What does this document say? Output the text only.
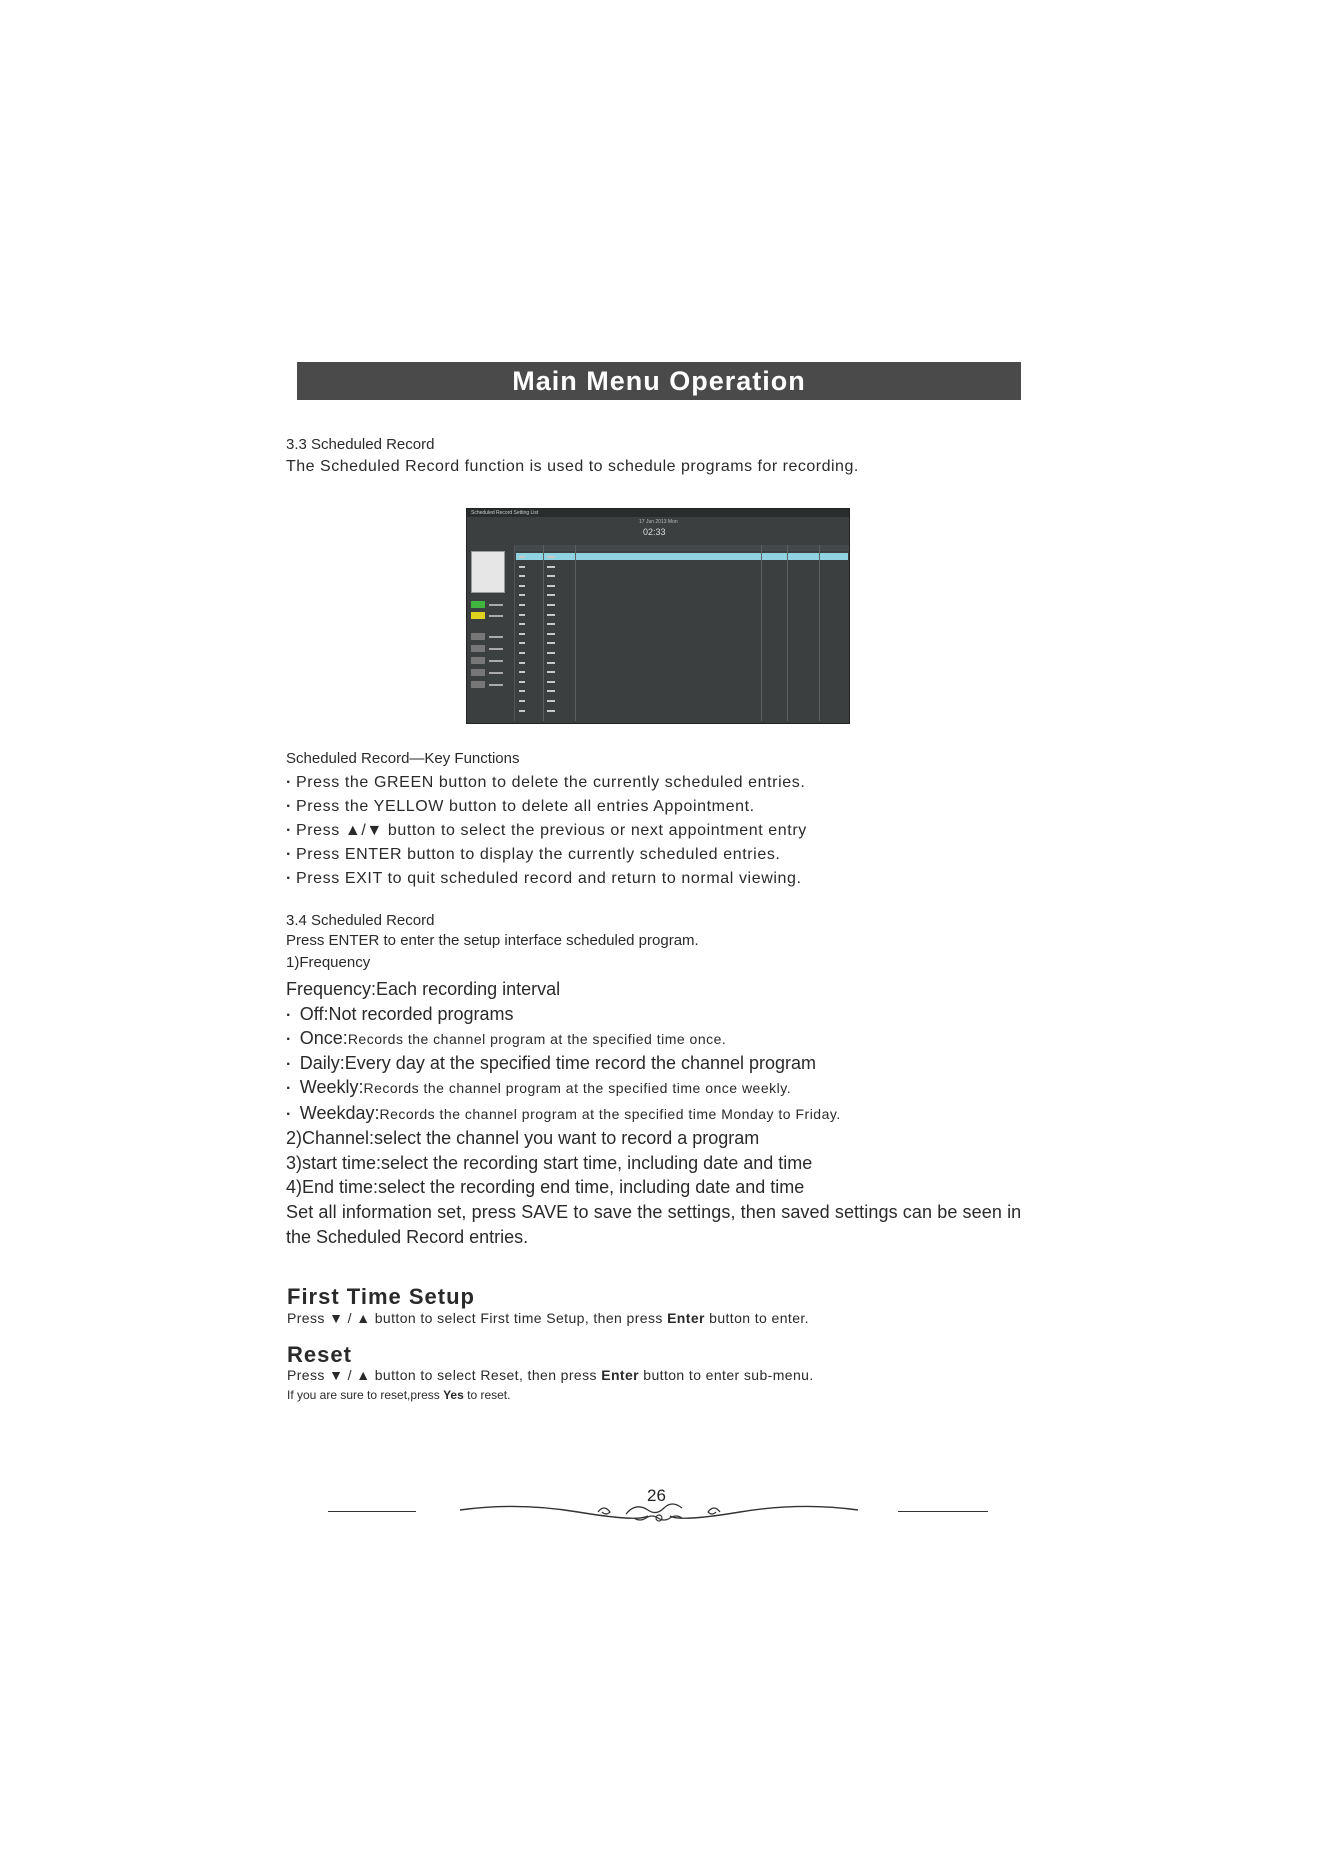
Main Menu Operation
3.3 Scheduled Record
The Scheduled Record function is used to schedule programs for recording.
Scheduled Record Setting List
17 Jun 2013 Mon
02:33
Scheduled Record—Key Functions
· Press the GREEN button to delete the currently scheduled entries.
· Press the YELLOW button to delete all entries Appointment.
· Press ▲/▼ button to select the previous or next appointment entry
· Press ENTER button to display the currently scheduled entries.
· Press EXIT to quit scheduled record and return to normal viewing.
3.4 Scheduled Record
Press ENTER to enter the setup interface scheduled program.
1)Frequency
Frequency:Each recording interval
· Off:Not recorded programs
· Once:Records the channel program at the specified time once.
· Daily:Every day at the specified time record the channel program
· Weekly:Records the channel program at the specified time once weekly.
· Weekday:Records the channel program at the specified time Monday to Friday.
2)Channel:select the channel you want to record a program
3)start time:select the recording start time, including date and time
4)End time:select the recording end time, including date and time
Set all information set, press SAVE to save the settings, then saved settings can be seen in
the Scheduled Record entries.
First Time Setup
Press ▼ / ▲ button to select First time Setup, then press Enter button to enter.
Reset
Press ▼ / ▲ button to select Reset, then press Enter button to enter sub-menu.
If you are sure to reset,press Yes to reset.
26
